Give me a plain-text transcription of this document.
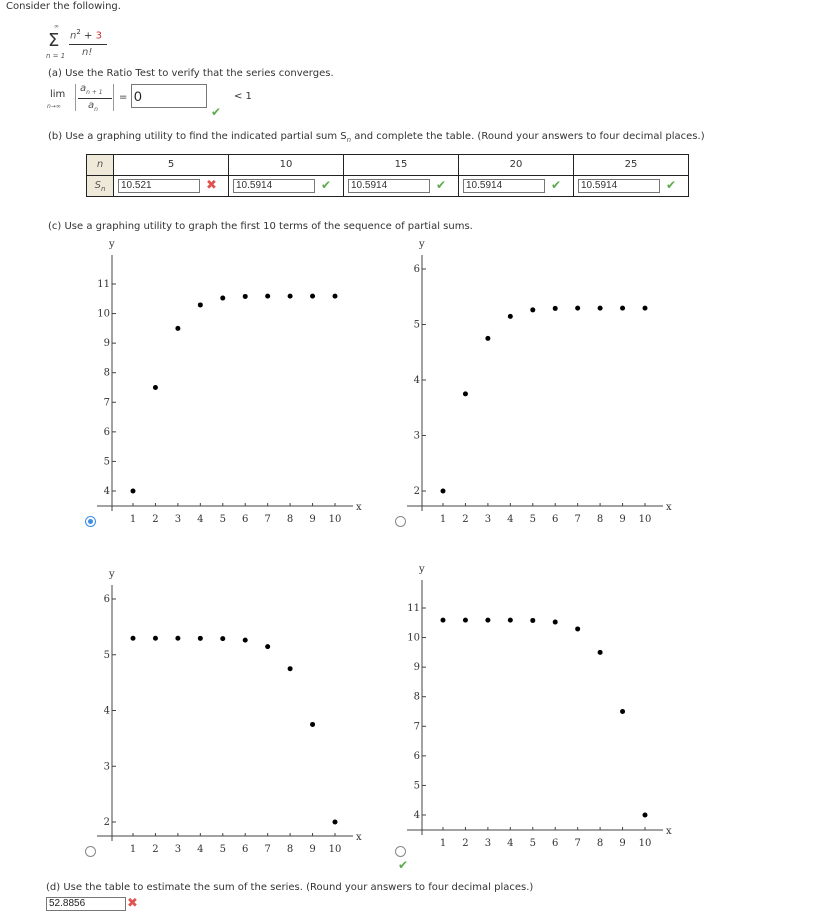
Consider the following.
∞
Σ
n = 1
$n^2 + 3$
n!
(a) Use the Ratio Test to verify that the series converges.
lim
n→∞
$a_{n + 1}$
$a_n$
= 0	< 1
✔
(b) Use a graphing utility to find the indicated partial sum $S_n$ and complete the table. (Round your answers to four decimal places.)
n	5	10	15	20	25
$S_n$	10.521 ✖	10.5914 ✔	10.5914 ✔	10.5914 ✔	10.5914 ✔
(c) Use a graphing utility to graph the first 10 terms of the sequence of partial sums.
x
y
1 2 3 4 5 6 7 8 9 10
4
5
6
7
8
9
10
11
x
y
1 2 3 4 5 6 7 8 9 10
2
3
4
5
6
x
y
1 2 3 4 5 6 7 8 9 10
2
3
4
5
6
x
y
1 2 3 4 5 6 7 8 9 10
4
5
6
7
8
9
10
11
✔
(d) Use the table to estimate the sum of the series. (Round your answers to four decimal places.)
52.8856	✖
